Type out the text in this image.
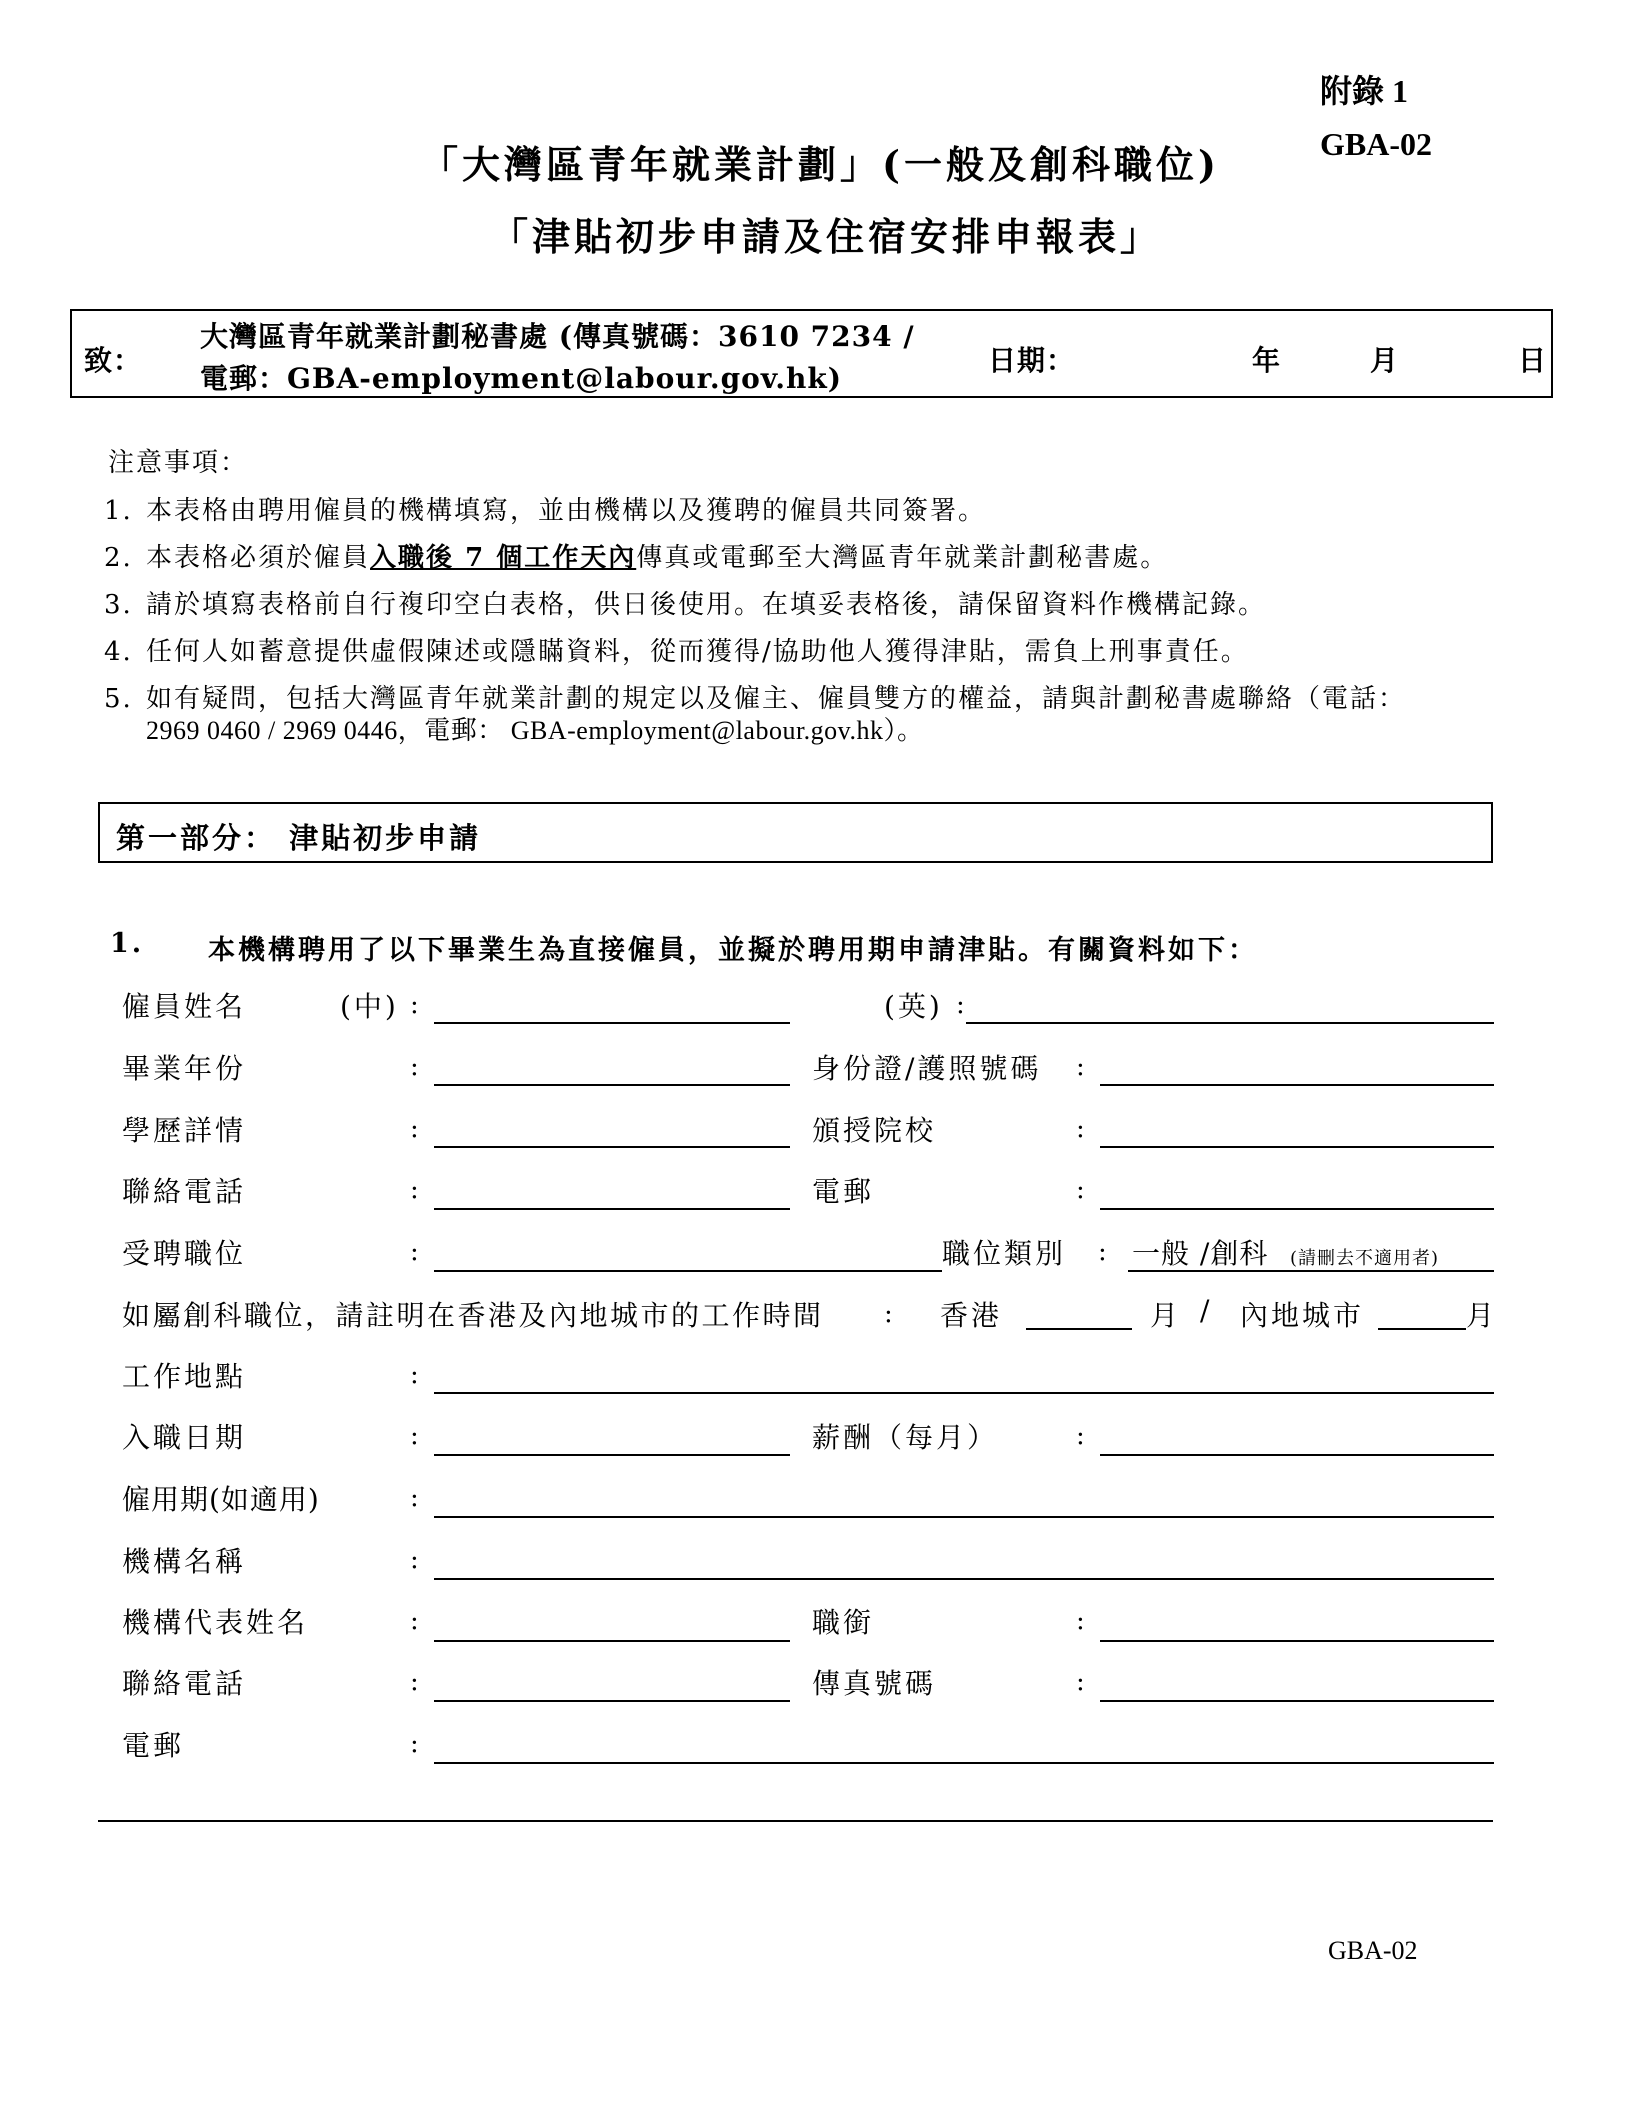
附錄 1
GBA-02
「大灣區青年就業計劃」(一般及創科職位)
「津貼初步申請及住宿安排申報表」
致：
大灣區青年就業計劃秘書處 (傳真號碼：3610 7234 /
電郵：GBA-employment@labour.gov.hk)
日期：	年	月	日
注意事項：
1. 本表格由聘用僱員的機構填寫，並由機構以及獲聘的僱員共同簽署。
2. 本表格必須於僱員入職後 7 個工作天內傳真或電郵至大灣區青年就業計劃秘書處。
3. 請於填寫表格前自行複印空白表格，供日後使用。在填妥表格後，請保留資料作機構記錄。
4. 任何人如蓄意提供虛假陳述或隱瞞資料，從而獲得/協助他人獲得津貼，需負上刑事責任。
5. 如有疑問，包括大灣區青年就業計劃的規定以及僱主、僱員雙方的權益，請與計劃秘書處聯絡（電話：
2969 0460 / 2969 0446，電郵： GBA-employment@labour.gov.hk）。
第一部分： 津貼初步申請
1. 本機構聘用了以下畢業生為直接僱員，並擬於聘用期申請津貼。有關資料如下：
僱員姓名	(中) :	(英) :
畢業年份	:	身份證/護照號碼 :
學歷詳情	:	頒授院校	:
聯絡電話	:	電郵	:
受聘職位	:	職位類別 : 一般 /創科 (請刪去不適用者)
如屬創科職位，請註明在香港及內地城市的工作時間 : 香港	月 / 內地城市	月
工作地點	:
入職日期	:	薪酬（每月）	:
僱用期(如適用)	:
機構名稱	:
機構代表姓名	:	職銜	:
聯絡電話	:	傳真號碼	:
電郵	:
GBA-02
